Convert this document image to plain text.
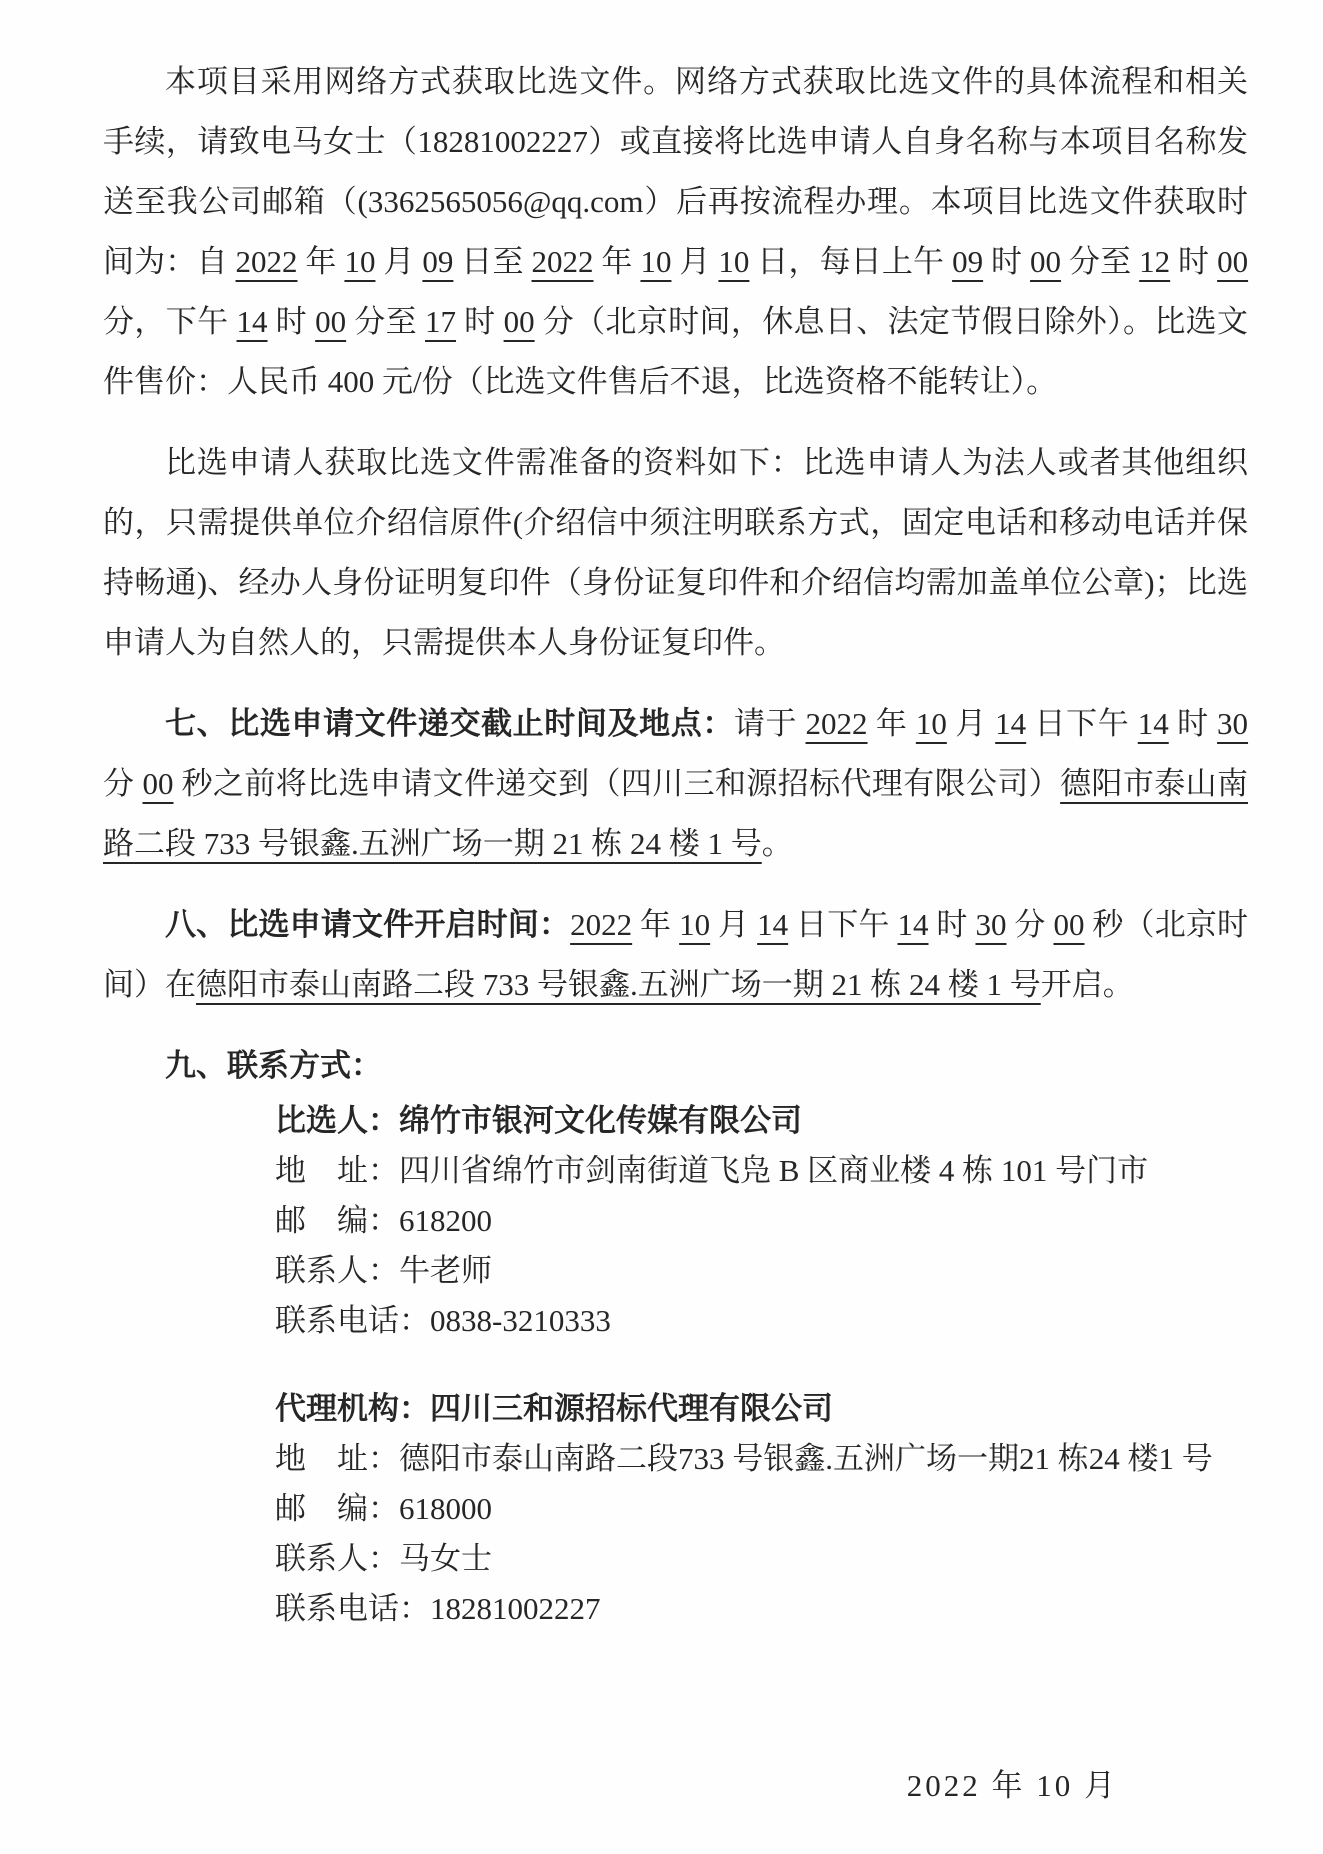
本项目采用网络方式获取比选文件。网络方式获取比选文件的具体流程和相关手续，请致电马女士（18281002227）或直接将比选申请人自身名称与本项目名称发送至我公司邮箱（(3362565056@qq.com）后再按流程办理。本项目比选文件获取时间为：自 2022 年 10 月 09 日至 2022 年 10 月 10 日，每日上午 09 时 00 分至 12 时 00 分，下午 14 时 00 分至 17 时 00 分（北京时间，休息日、法定节假日除外）。比选文件售价：人民币 400 元/份（比选文件售后不退，比选资格不能转让）。

比选申请人获取比选文件需准备的资料如下：比选申请人为法人或者其他组织的，只需提供单位介绍信原件(介绍信中须注明联系方式，固定电话和移动电话并保持畅通)、经办人身份证明复印件（身份证复印件和介绍信均需加盖单位公章)；比选申请人为自然人的，只需提供本人身份证复印件。

七、比选申请文件递交截止时间及地点：请于 2022 年 10 月 14 日下午 14 时 30 分 00 秒之前将比选申请文件递交到（四川三和源招标代理有限公司）德阳市泰山南路二段 733 号银鑫.五洲广场一期 21 栋 24 楼 1 号。

八、比选申请文件开启时间：2022 年 10 月 14 日下午 14 时 30 分 00 秒（北京时间）在德阳市泰山南路二段 733 号银鑫.五洲广场一期 21 栋 24 楼 1 号开启。

九、联系方式：

比选人：绵竹市银河文化传媒有限公司
地　址：四川省绵竹市剑南街道飞凫 B 区商业楼 4 栋 101 号门市
邮　编：618200
联系人：牛老师
联系电话：0838-3210333
代理机构：四川三和源招标代理有限公司
地　址：德阳市泰山南路二段733 号银鑫.五洲广场一期21 栋24 楼1 号
邮　编：618000
联系人：马女士
联系电话：18281002227
2022 年 10 月
